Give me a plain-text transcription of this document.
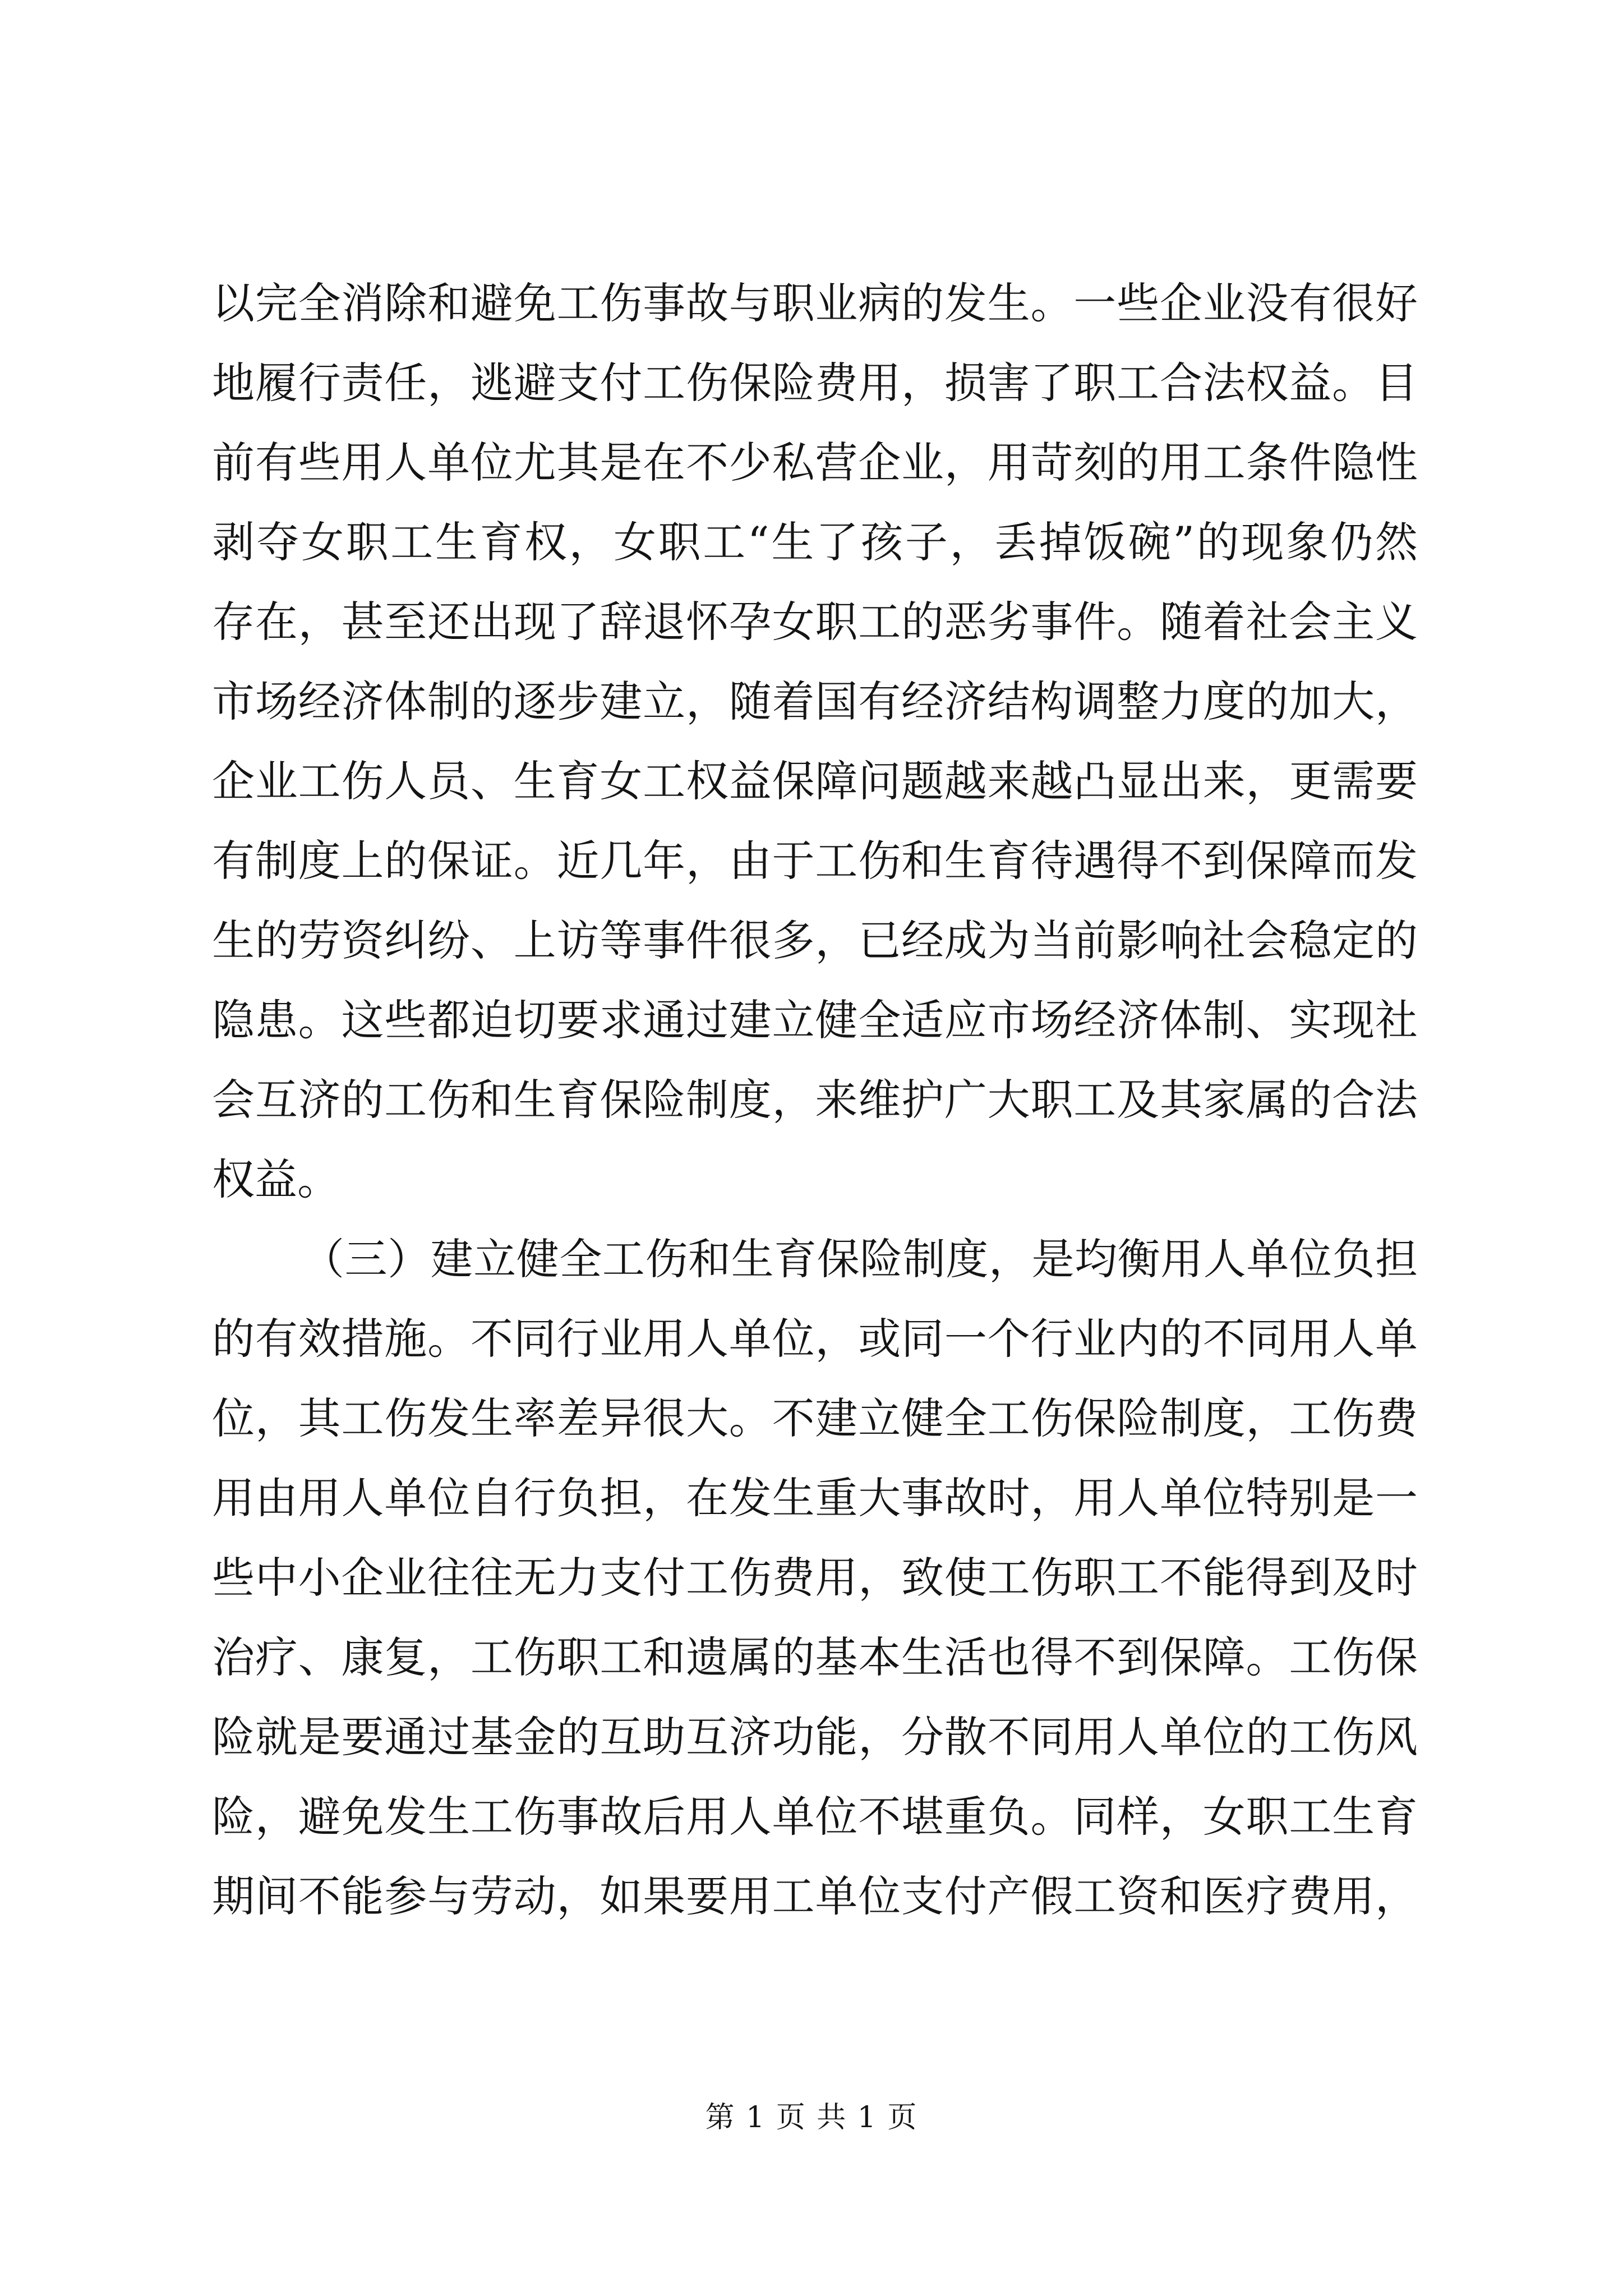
以完全消除和避免工伤事故与职业病的发生。一些企业没有很好
地履行责任，逃避支付工伤保险费用，损害了职工合法权益。目
前有些用人单位尤其是在不少私营企业，用苛刻的用工条件隐性
剥夺女职工生育权，女职工“生了孩子，丢掉饭碗”的现象仍然
存在，甚至还出现了辞退怀孕女职工的恶劣事件。随着社会主义
市场经济体制的逐步建立，随着国有经济结构调整力度的加大，
企业工伤人员、生育女工权益保障问题越来越凸显出来，更需要
有制度上的保证。近几年，由于工伤和生育待遇得不到保障而发
生的劳资纠纷、上访等事件很多，已经成为当前影响社会稳定的
隐患。这些都迫切要求通过建立健全适应市场经济体制、实现社
会互济的工伤和生育保险制度，来维护广大职工及其家属的合法
权益。
（三）建立健全工伤和生育保险制度，是均衡用人单位负担
的有效措施。不同行业用人单位，或同一个行业内的不同用人单
位，其工伤发生率差异很大。不建立健全工伤保险制度，工伤费
用由用人单位自行负担，在发生重大事故时，用人单位特别是一
些中小企业往往无力支付工伤费用，致使工伤职工不能得到及时
治疗、康复，工伤职工和遗属的基本生活也得不到保障。工伤保
险就是要通过基金的互助互济功能，分散不同用人单位的工伤风
险，避免发生工伤事故后用人单位不堪重负。同样，女职工生育
期间不能参与劳动，如果要用工单位支付产假工资和医疗费用，
第 1 页 共 1 页
